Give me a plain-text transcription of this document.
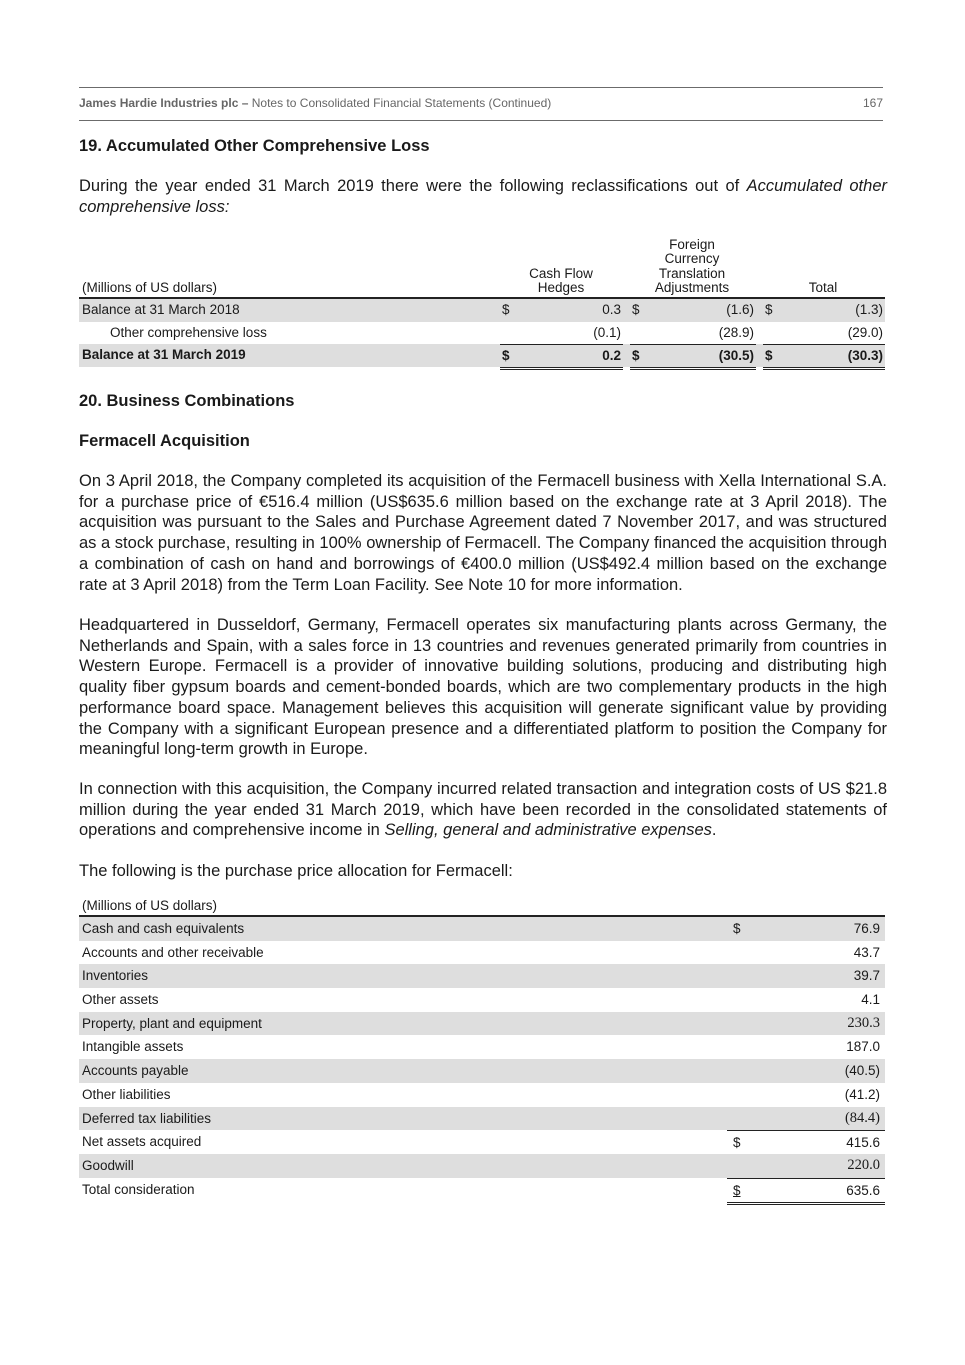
James Hardie Industries plc – Notes to Consolidated Financial Statements (Continued)	167
19. Accumulated Other Comprehensive Loss
During the year ended 31 March 2019 there were the following reclassifications out of Accumulated other comprehensive loss:
(Millions of US dollars)
Cash Flow
Hedges
Foreign
Currency
Translation
Adjustments	Total
Balance at 31 March 2018	$	0.3 $	(1.6) $	(1.3)
Other comprehensive loss	(0.1)	(28.9)	(29.0)
Balance at 31 March 2019	$	0.2 $	(30.5) $	(30.3)
20. Business Combinations
Fermacell Acquisition
On 3 April 2018, the Company completed its acquisition of the Fermacell business with Xella International S.A. for a purchase price of €516.4 million (US$635.6 million based on the exchange rate at 3 April 2018). The acquisition was pursuant to the Sales and Purchase Agreement dated 7 November 2017, and was structured as a stock purchase, resulting in 100% ownership of Fermacell. The Company financed the acquisition through a combination of cash on hand and borrowings of €400.0 million (US$492.4 million based on the exchange rate at 3 April 2018) from the Term Loan Facility. See Note 10 for more information.
Headquartered in Dusseldorf, Germany, Fermacell operates six manufacturing plants across Germany, the Netherlands and Spain, with a sales force in 13 countries and revenues generated primarily from countries in Western Europe. Fermacell is a provider of innovative building solutions, producing and distributing high quality fiber gypsum boards and cement-bonded boards, which are two complementary products in the high performance board space. Management believes this acquisition will generate significant value by providing the Company with a significant European presence and a differentiated platform to position the Company for meaningful long-term growth in Europe.
In connection with this acquisition, the Company incurred related transaction and integration costs of US $21.8 million during the year ended 31 March 2019, which have been recorded in the consolidated statements of operations and comprehensive income in Selling, general and administrative expenses.
The following is the purchase price allocation for Fermacell:
(Millions of US dollars)
Cash and cash equivalents	$	76.9
Accounts and other receivable	43.7
Inventories	39.7
Other assets	4.1
Property, plant and equipment	230.3
Intangible assets	187.0
Accounts payable	(40.5)
Other liabilities	(41.2)
Deferred tax liabilities	(84.4)
Net assets acquired	$	415.6
Goodwill	220.0
Total consideration	$	635.6
